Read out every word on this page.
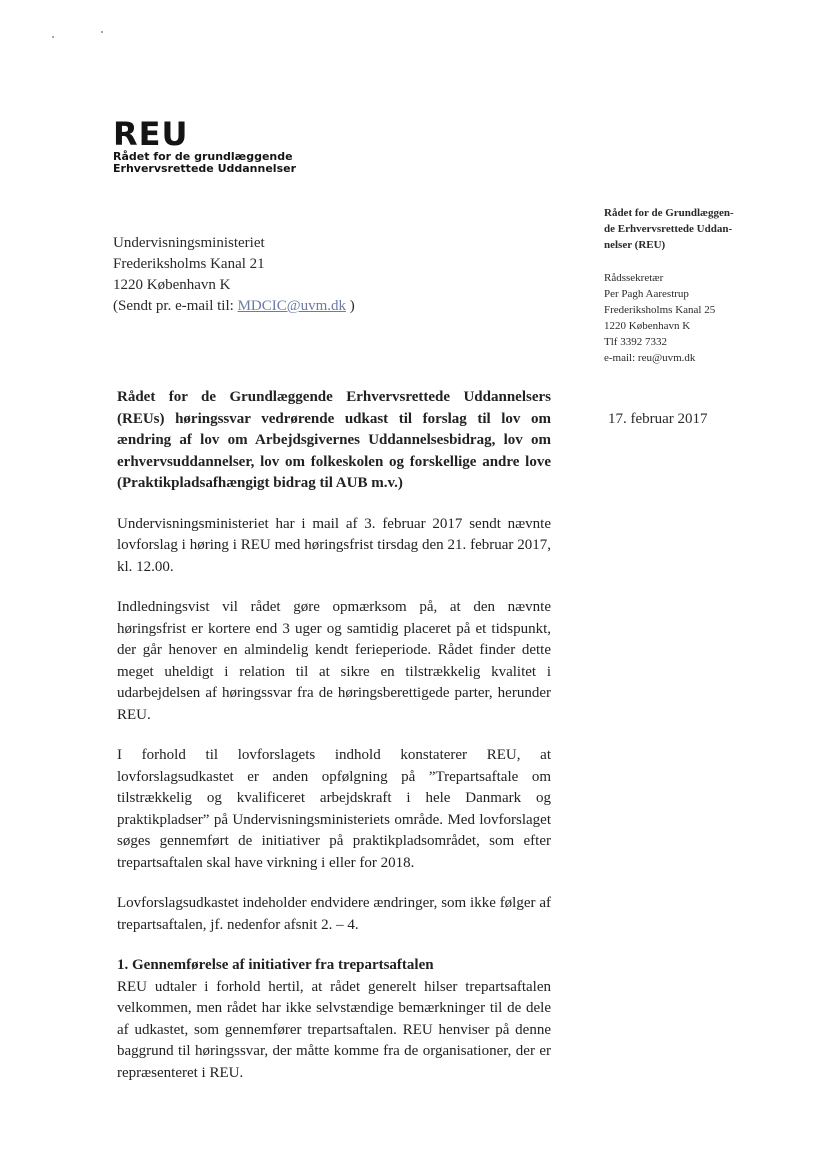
REU
Rådet for de grundlæggende
Erhvervsrettede Uddannelser
Undervisningsministeriet
Frederiksholms Kanal 21
1220 København K
(Sendt pr. e-mail til: MDCIC@uvm.dk )
Rådet for de Grundlæggen-
de Erhvervsrettede Uddan-
nelser (REU)
Rådssekretær
Per Pagh Aarestrup
Frederiksholms Kanal 25
1220 København K
Tlf 3392 7332
e-mail: reu@uvm.dk
17. februar 2017

Rådet for de Grundlæggende Erhvervsrettede Uddannelsers (REUs) høringssvar vedrørende udkast til forslag til lov om ændring af lov om Arbejdsgivernes Uddannelsesbidrag, lov om erhvervsuddannelser, lov om folkeskolen og forskellige andre love (Praktikpladsafhængigt bidrag til AUB m.v.)

Undervisningsministeriet har i mail af 3. februar 2017 sendt nævnte lovforslag i høring i REU med høringsfrist tirsdag den 21. februar 2017, kl. 12.00.

Indledningsvist vil rådet gøre opmærksom på, at den nævnte høringsfrist er kortere end 3 uger og samtidig placeret på et tidspunkt, der går henover en almindelig kendt ferieperiode. Rådet finder dette meget uheldigt i relation til at sikre en tilstrækkelig kvalitet i udarbejdelsen af høringssvar fra de høringsberettigede parter, herunder REU.

I forhold til lovforslagets indhold konstaterer REU, at lovforslagsudkastet er anden opfølgning på ”Trepartsaftale om tilstrækkelig og kvalificeret arbejdskraft i hele Danmark og praktikpladser” på Undervisningsministeriets område. Med lovforslaget søges gennemført de initiativer på praktikpladsområdet, som efter trepartsaftalen skal have virkning i eller for 2018.

Lovforslagsudkastet indeholder endvidere ændringer, som ikke følger af trepartsaftalen, jf. nedenfor afsnit 2. – 4.

1. Gennemførelse af initiativer fra trepartsaftalen

REU udtaler i forhold hertil, at rådet generelt hilser trepartsaftalen velkommen, men rådet har ikke selvstændige bemærkninger til de dele af udkastet, som gennemfører trepartsaftalen. REU henviser på denne baggrund til høringssvar, der måtte komme fra de organisationer, der er repræsenteret i REU.
